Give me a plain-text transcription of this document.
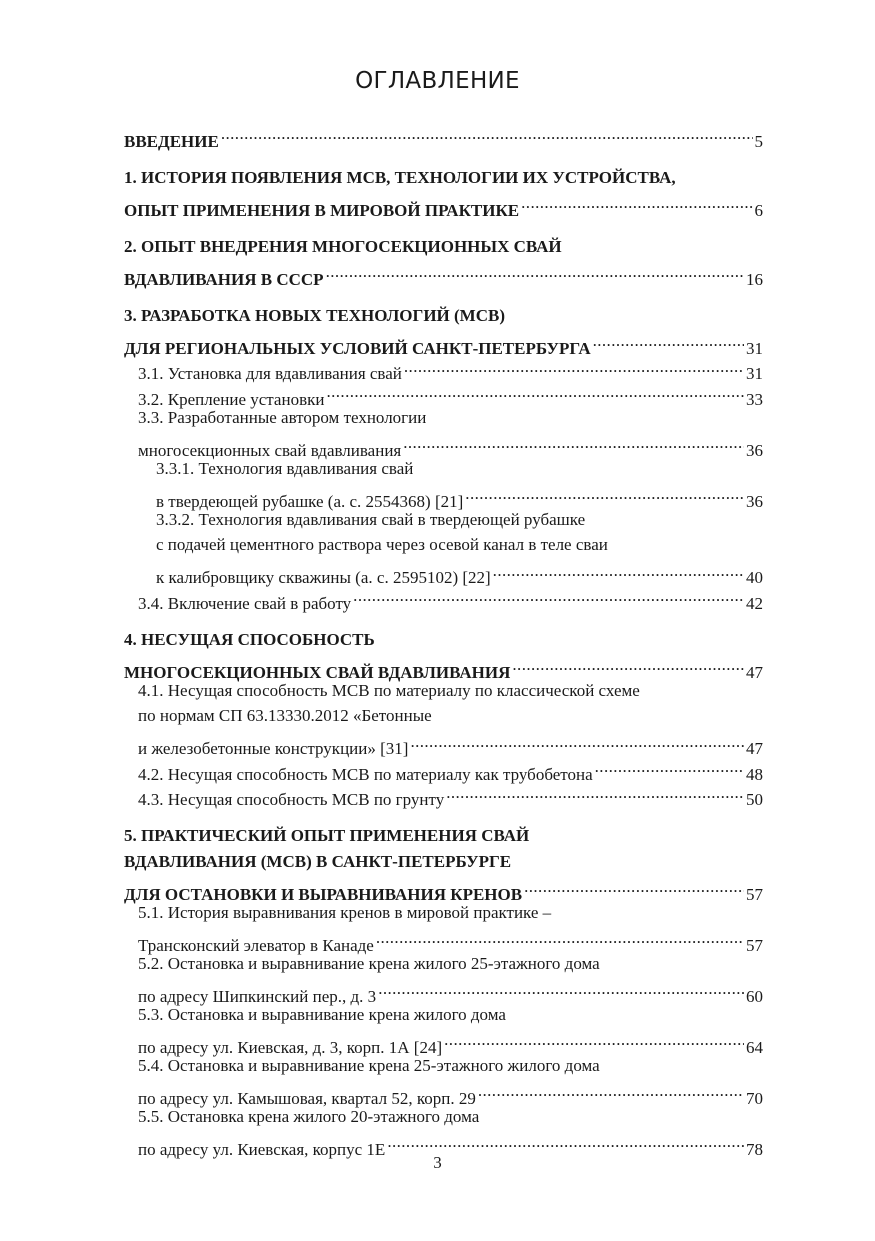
ОГЛАВЛЕНИЕ
ВВЕДЕНИЕ .....	5
1. ИСТОРИЯ ПОЯВЛЕНИЯ МСВ, ТЕХНОЛОГИИ ИХ УСТРОЙСТВА,
ОПЫТ ПРИМЕНЕНИЯ В МИРОВОЙ ПРАКТИКЕ .....	6
2. ОПЫТ ВНЕДРЕНИЯ МНОГОСЕКЦИОННЫХ СВАЙ
ВДАВЛИВАНИЯ В СССР .....	16
3. РАЗРАБОТКА НОВЫХ ТЕХНОЛОГИЙ (МСВ)
ДЛЯ РЕГИОНАЛЬНЫХ УСЛОВИЙ САНКТ-ПЕТЕРБУРГА .....	31
3.1. Установка для вдавливания свай .....	31
3.2. Крепление установки .....	33
3.3. Разработанные автором технологии
многосекционных свай вдавливания .....	36
3.3.1. Технология вдавливания свай
в твердеющей рубашке (а. с. 2554368) [21] .....	36
3.3.2. Технология вдавливания свай в твердеющей рубашке
с подачей цементного раствора через осевой канал в теле сваи
к калибровщику скважины (а. с. 2595102) [22] .....	40
3.4. Включение свай в работу .....	42
4. НЕСУЩАЯ СПОСОБНОСТЬ
МНОГОСЕКЦИОННЫХ СВАЙ ВДАВЛИВАНИЯ .....	47
4.1. Несущая способность МСВ по материалу по классической схеме
по нормам СП 63.13330.2012 «Бетонные
и железобетонные конструкции» [31] .....	47
4.2. Несущая способность МСВ по материалу как трубобетона .....	48
4.3. Несущая способность МСВ по грунту .....	50
5. ПРАКТИЧЕСКИЙ ОПЫТ ПРИМЕНЕНИЯ СВАЙ
ВДАВЛИВАНИЯ (МСВ) В САНКТ-ПЕТЕРБУРГЕ
ДЛЯ ОСТАНОВКИ И ВЫРАВНИВАНИЯ КРЕНОВ .....	57
5.1. История выравнивания кренов в мировой практике –
Трансконский элеватор в Канаде .....	57
5.2. Остановка и выравнивание крена жилого 25-этажного дома
по адресу Шипкинский пер., д. 3 .....	60
5.3. Остановка и выравнивание крена жилого дома
по адресу ул. Киевская, д. 3, корп. 1А [24] .....	64
5.4. Остановка и выравнивание крена 25-этажного жилого дома
по адресу ул. Камышовая, квартал 52, корп. 29 .....	70
5.5. Остановка крена жилого 20-этажного дома
по адресу ул. Киевская, корпус 1Е .....	78
3
